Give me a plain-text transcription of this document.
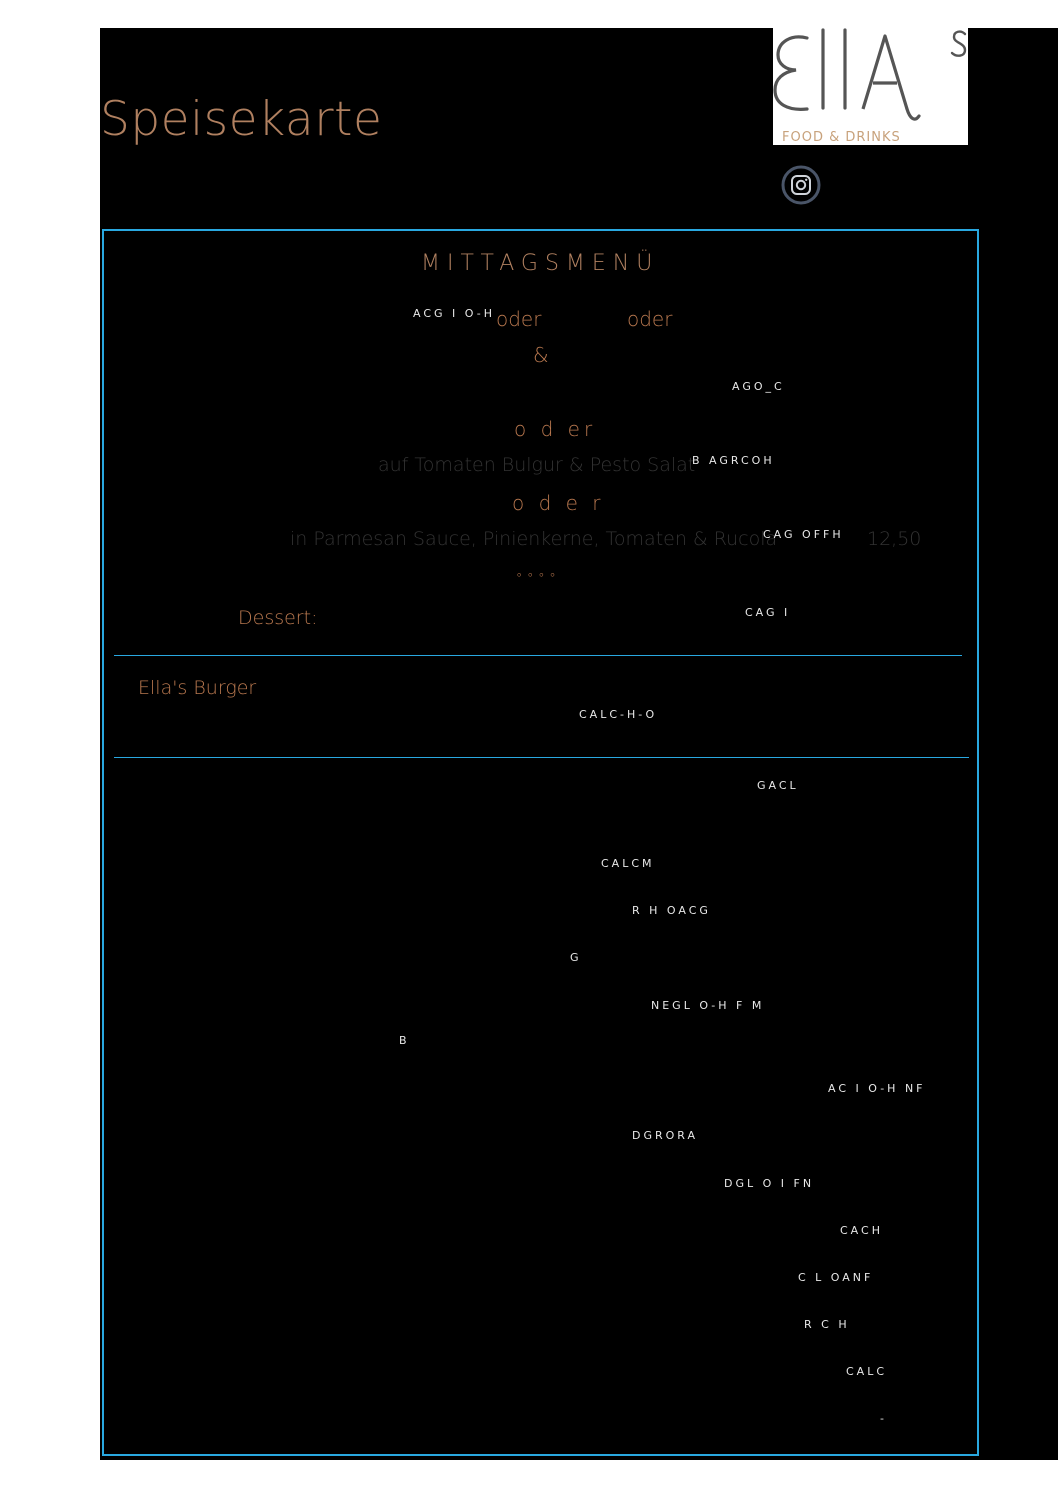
Speisekarte	FOOD & DRINKS
MITTAGSMENÜ
ACG I O-H oder	oder
&
AGO_C
o d er
auf Tomaten Bulgur & Pesto Salat
B AGRCOH
o d e r
in Parmesan Sauce, Pinienkerne, Tomaten & Rucola
CAG OFFH 12,50
∘∘∘∘
Dessert:	CAG I
Ella's Burger
CALC-H-O
GACL
CALCM
R H OACG
G
NEGL O-H F M
B
AC I O-H NF
DGRORA
DGL O I FN
CACH
C L OANF
R C H
CALC
-
